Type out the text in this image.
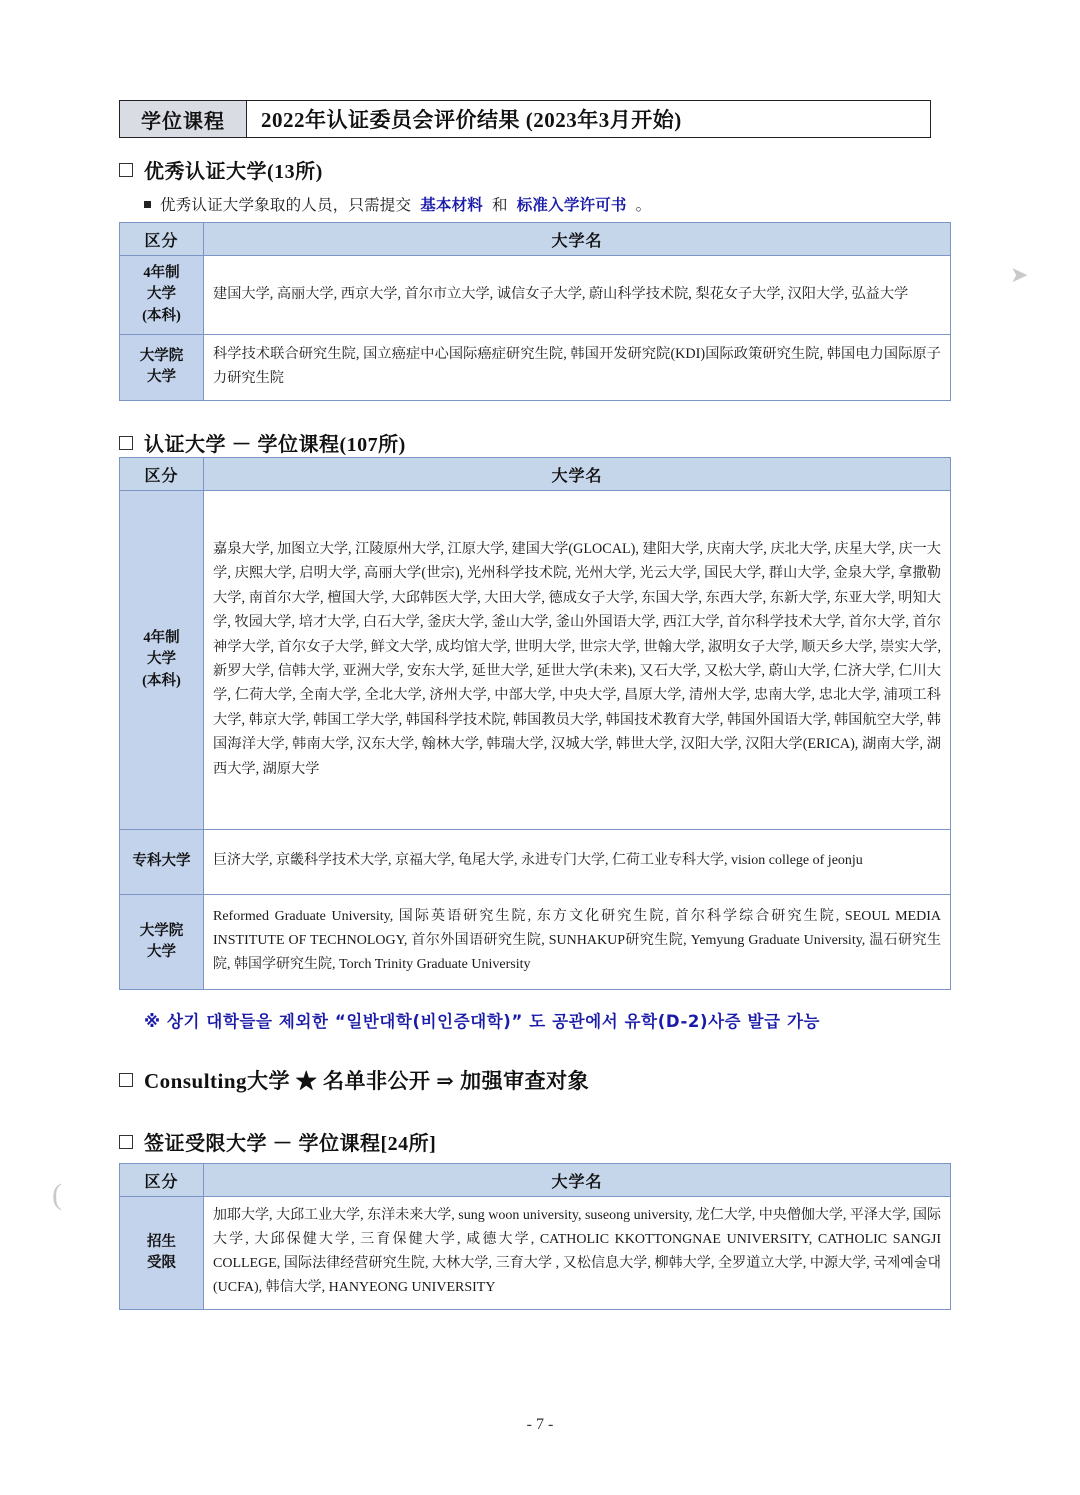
学位课程	2022年认证委员会评价结果 (2023年3月开始)
优秀认证大学(13所)
优秀认证大学象取的人员，只需提交 基本材料 和 标准入学许可书 。
区分	大学名

4年制
大学
(本科)	建国大学, 高丽大学, 西京大学, 首尔市立大学, 诚信女子大学, 蔚山科学技术院, 梨花女子大学, 汉阳大学, 弘益大学

大学院
大学	科学技术联合研究生院, 国立癌症中心国际癌症研究生院, 韩国开发研究院(KDI)国际政策研究生院, 韩国电力国际原子力研究生院
认证大学 － 学位课程(107所)
区分	大学名

4年制
大学
(本科)
	嘉泉大学, 加图立大学, 江陵原州大学, 江原大学, 建国大学(GLOCAL), 建阳大学, 庆南大学, 庆北大学, 庆星大学, 庆一大学, 庆熙大学, 启明大学, 高丽大学(世宗), 光州科学技术院, 光州大学, 光云大学, 国民大学, 群山大学, 金泉大学, 拿撒勒大学, 南首尔大学, 檀国大学, 大邱韩医大学, 大田大学, 德成女子大学, 东国大学, 东西大学, 东新大学, 东亚大学, 明知大学, 牧园大学, 培才大学, 白石大学, 釜庆大学, 釜山大学, 釜山外国语大学, 西江大学, 首尔科学技术大学, 首尔大学, 首尔神学大学, 首尔女子大学, 鲜文大学, 成均馆大学, 世明大学, 世宗大学, 世翰大学, 淑明女子大学, 顺天乡大学, 崇实大学, 新罗大学, 信韩大学, 亚洲大学, 安东大学, 延世大学, 延世大学(未来), 又石大学, 又松大学, 蔚山大学, 仁济大学, 仁川大学, 仁荷大学, 全南大学, 全北大学, 济州大学, 中部大学, 中央大学, 昌原大学, 清州大学, 忠南大学, 忠北大学, 浦项工科大学, 韩京大学, 韩国工学大学, 韩国科学技术院, 韩国教员大学, 韩国技术教育大学, 韩国外国语大学, 韩国航空大学, 韩国海洋大学, 韩南大学, 汉东大学, 翰林大学, 韩瑞大学, 汉城大学, 韩世大学, 汉阳大学, 汉阳大学(ERICA), 湖南大学, 湖西大学, 湖原大学

专科大学	巨济大学, 京畿科学技术大学, 京福大学, 龟尾大学, 永进专门大学, 仁荷工业专科大学, vision college of jeonju

大学院
大学	Reformed Graduate University, 国际英语研究生院, 东方文化研究生院, 首尔科学综合研究生院, SEOUL MEDIA INSTITUTE OF TECHNOLOGY, 首尔外国语研究生院, SUNHAKUP研究生院, Yemyung Graduate University, 温石研究生院, 韩国学研究生院, Torch Trinity Graduate University
※ 상기 대학들을 제외한 “일반대학(비인증대학)” 도 공관에서 유학(D-2)사증 발급 가능
Consulting大学 ★ 名单非公开 ⇒ 加强审查对象
签证受限大学 － 学位课程[24所]
区分	大学名

招生
受限	加耶大学, 大邱工业大学, 东洋未来大学, sung woon university, suseong university, 龙仁大学, 中央僧伽大学, 平泽大学, 国际大学, 大邱保健大学, 三育保健大学, 咸德大学, CATHOLIC KKOTTONGNAE UNIVERSITY, CATHOLIC SANGJI COLLEGE, 国际法律经营研究生院, 大林大学, 三育大学 , 又松信息大学, 柳韩大学, 全罗道立大学, 中源大学, 국제예술대(UCFA), 韩信大学, HANYEONG UNIVERSITY
➤
(
- 7 -
